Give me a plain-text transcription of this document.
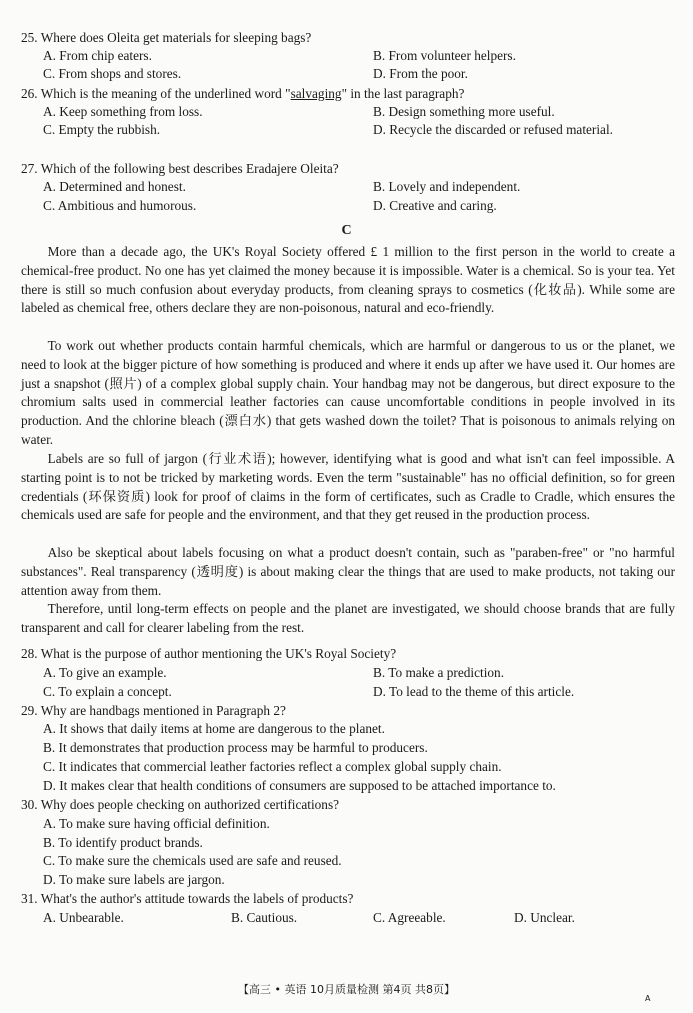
25. Where does Oleita get materials for sleeping bags?
A. From chip eaters.	B. From volunteer helpers.
C. From shops and stores.	D. From the poor.
26. Which is the meaning of the underlined word "salvaging" in the last paragraph?
A. Keep something from loss.	B. Design something more useful.
C. Empty the rubbish.	D. Recycle the discarded or refused material.
27. Which of the following best describes Eradajere Oleita?
A. Determined and honest.	B. Lovely and independent.
C. Ambitious and humorous.	D. Creative and caring.
C

More than a decade ago, the UK's Royal Society offered £ 1 million to the first person in the world to create a chemical-free product. No one has yet claimed the money because it is impossible. Water is a chemical. So is your tea. Yet there is still so much confusion about everyday products, from cleaning sprays to cosmetics (化妆品). While some are labeled as chemical free, others declare they are non-poisonous, natural and eco-friendly.

To work out whether products contain harmful chemicals, which are harmful or dangerous to us or the planet, we need to look at the bigger picture of how something is produced and where it ends up after we have used it. Our homes are just a snapshot (照片) of a complex global supply chain. Your handbag may not be dangerous, but direct exposure to the chromium salts used in commercial leather factories can cause uncomfortable conditions in people involved in its production. And the chlorine bleach (漂白水) that gets washed down the toilet? That is poisonous to animals relying on water.

Labels are so full of jargon (行业术语); however, identifying what is good and what isn't can feel impossible. A starting point is to not be tricked by marketing words. Even the term "sustainable" has no official definition, so for green credentials (环保资质) look for proof of claims in the form of certificates, such as Cradle to Cradle, which ensures the chemicals used are safe for people and the environment, and that they get reused in the production process.

Also be skeptical about labels focusing on what a product doesn't contain, such as "paraben-free" or "no harmful substances". Real transparency (透明度) is about making clear the things that are used to make products, not taking our attention away from them.

Therefore, until long-term effects on people and the planet are investigated, we should choose brands that are fully transparent and call for clearer labeling from the rest.

28. What is the purpose of author mentioning the UK's Royal Society?
A. To give an example.	B. To make a prediction.
C. To explain a concept.	D. To lead to the theme of this article.
29. Why are handbags mentioned in Paragraph 2?
A. It shows that daily items at home are dangerous to the planet.
B. It demonstrates that production process may be harmful to producers.
C. It indicates that commercial leather factories reflect a complex global supply chain.
D. It makes clear that health conditions of consumers are supposed to be attached importance to.
30. Why does people checking on authorized certifications?
A. To make sure having official definition.
B. To identify product brands.
C. To make sure the chemicals used are safe and reused.
D. To make sure labels are jargon.
31. What's the author's attitude towards the labels of products?
A. Unbearable.	B. Cautious.	C. Agreeable.	D. Unclear.
【高三 • 英语 10月质量检测 第4页 共8页】
A
